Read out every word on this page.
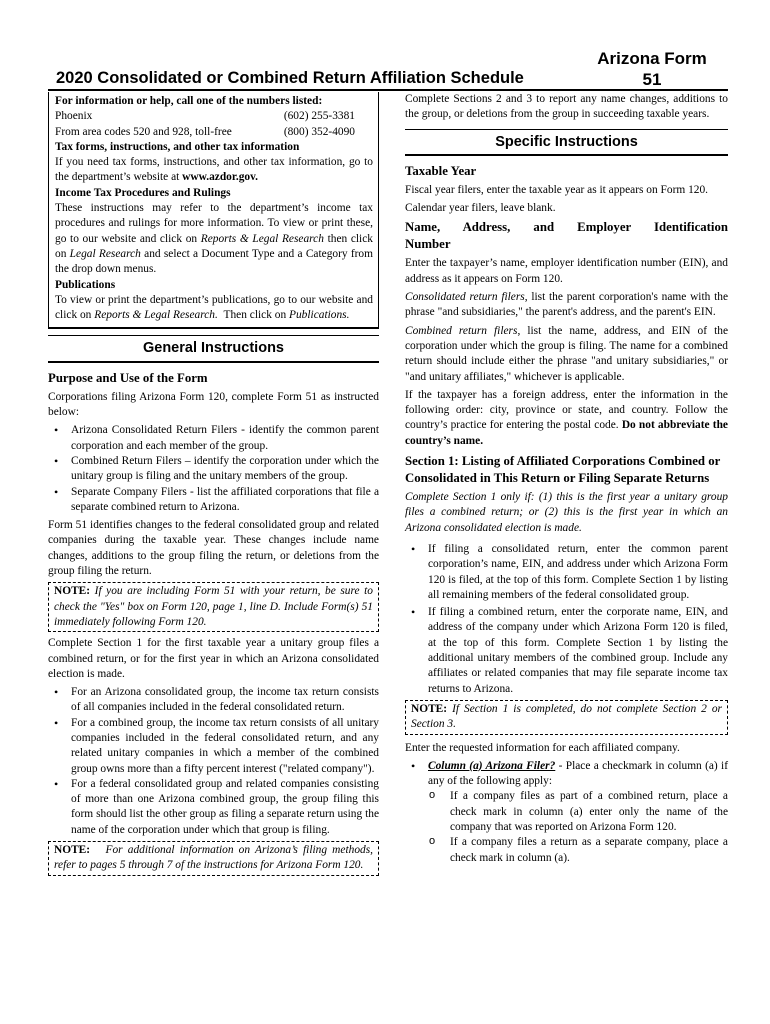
Arizona Form
51
2020 Consolidated or Combined Return Affiliation Schedule

For information or help, call one of the numbers listed:

Phoenix	(602) 255-3381
From area codes 520 and 928, toll-free	(800) 352-4090

Tax forms, instructions, and other tax information

If you need tax forms, instructions, and other tax information, go to the department’s website at www.azdor.gov.

Income Tax Procedures and Rulings

These instructions may refer to the department’s income tax procedures and rulings for more information. To view or print these, go to our website and click on Reports & Legal Research then click on Legal Research and select a Document Type and a Category from the drop down menus.

Publications

To view or print the department’s publications, go to our website and click on Reports & Legal Research. Then click on Publications.

General Instructions
Purpose and Use of the Form

Corporations filing Arizona Form 120, complete Form 51 as instructed below:

• Arizona Consolidated Return Filers - identify the common parent corporation and each member of the group.
• Combined Return Filers – identify the corporation under which the unitary group is filing and the unitary members of the group.
• Separate Company Filers - list the affiliated corporations that file a separate combined return to Arizona.

Form 51 identifies changes to the federal consolidated group and related companies during the taxable year. These changes include name changes, additions to the group filing the return, or deletions from the group filing the return.

NOTE: If you are including Form 51 with your return, be sure to check the "Yes" box on Form 120, page 1, line D. Include Form(s) 51 immediately following Form 120.

Complete Section 1 for the first taxable year a unitary group files a combined return, or for the first year in which an Arizona consolidated election is made.

• For an Arizona consolidated group, the income tax return consists of all companies included in the federal consolidated return.
• For a combined group, the income tax return consists of all unitary companies included in the federal consolidated return, and any related unitary companies in which a member of the combined group owns more than a fifty percent interest ("related company").
• For a federal consolidated group and related companies consisting of more than one Arizona combined group, the group filing this form should list the other group as filing a separate return using the name of the corporation under which that group is filing.

NOTE: For additional information on Arizona’s filing methods, refer to pages 5 through 7 of the instructions for Arizona Form 120.

Complete Sections 2 and 3 to report any name changes, additions to the group, or deletions from the group in succeeding taxable years.

Specific Instructions
Taxable Year

Fiscal year filers, enter the taxable year as it appears on Form 120.

Calendar year filers, leave blank.

Name, Address, and Employer Identification
Number

Enter the taxpayer’s name, employer identification number (EIN), and address as it appears on Form 120.

Consolidated return filers, list the parent corporation's name with the phrase "and subsidiaries," the parent's address, and the parent's EIN.

Combined return filers, list the name, address, and EIN of the corporation under which the group is filing. The name for a combined return should include either the phrase "and unitary subsidiaries," or "and unitary affiliates," whichever is applicable.

If the taxpayer has a foreign address, enter the information in the following order: city, province or state, and country. Follow the country’s practice for entering the postal code. Do not abbreviate the country’s name.

Section 1: Listing of Affiliated Corporations Combined or Consolidated in This Return or Filing Separate Returns

Complete Section 1 only if: (1) this is the first year a unitary group files a combined return; or (2) this is the first year in which an Arizona consolidated election is made.

• If filing a consolidated return, enter the common parent corporation’s name, EIN, and address under which Arizona Form 120 is filed, at the top of this form. Complete Section 1 by listing all remaining members of the federal consolidated group.
• If filing a combined return, enter the corporate name, EIN, and address of the company under which Arizona Form 120 is filed, at the top of this form. Complete Section 1 by listing the additional unitary members of the combined group. Include any affiliates or related companies that may file separate income tax returns to Arizona.

NOTE: If Section 1 is completed, do not complete Section 2 or Section 3.

Enter the requested information for each affiliated company.

• Column (a) Arizona Filer? - Place a checkmark in column (a) if any of the following apply:
o If a company files as part of a combined return, place a check mark in column (a) enter only the name of the company that was reported on Arizona Form 120.
o If a company files a return as a separate company, place a check mark in column (a).
